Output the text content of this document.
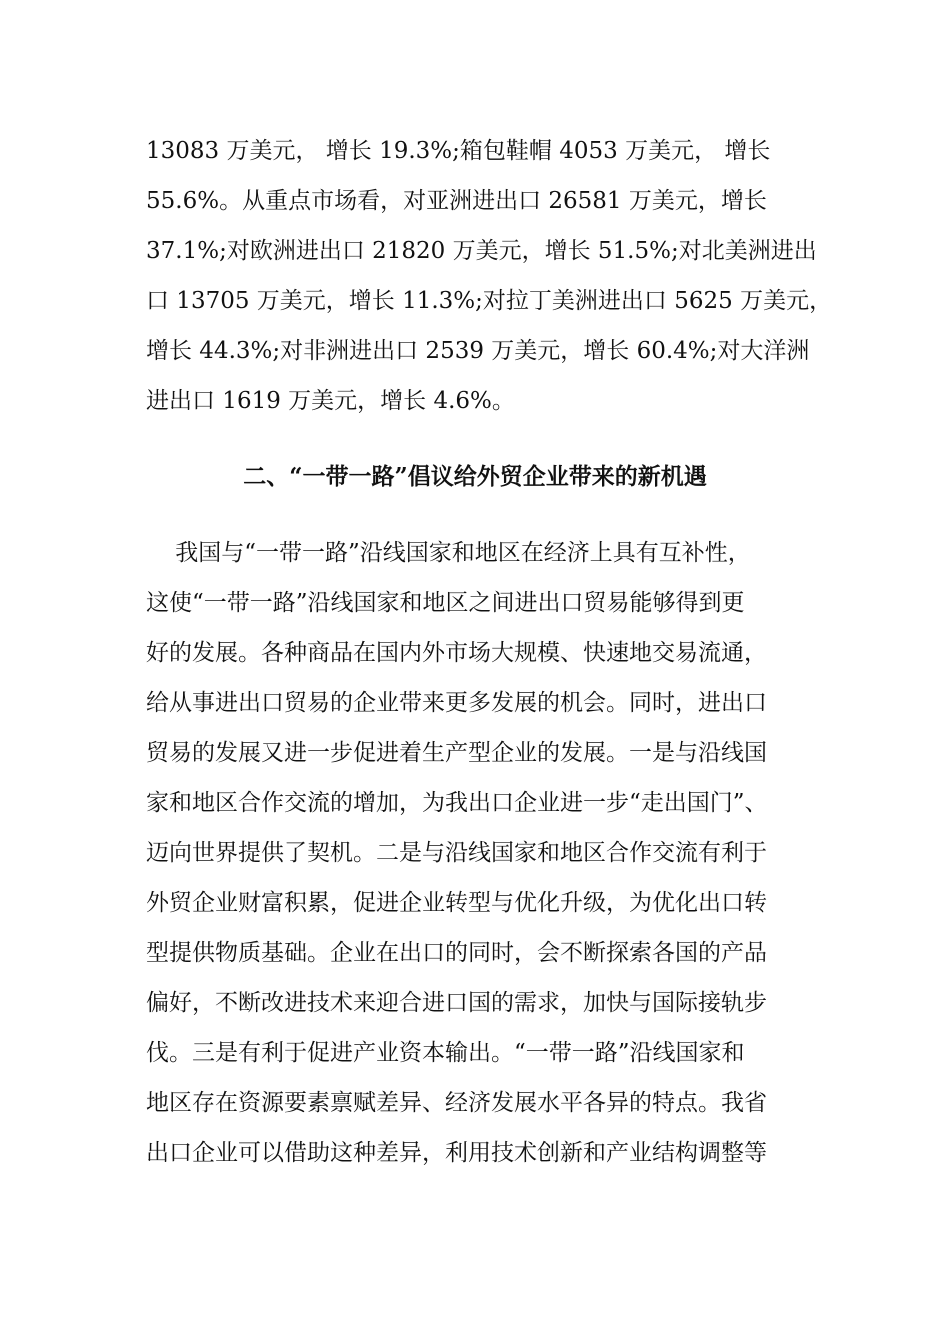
13083 万美元， 增长 19.3%;箱包鞋帽 4053 万美元， 增长
55.6%。从重点市场看，对亚洲进出口 26581 万美元，增长
37.1%;对欧洲进出口 21820 万美元，增长 51.5%;对北美洲进出
口 13705 万美元，增长 11.3%;对拉丁美洲进出口 5625 万美元，
增长 44.3%;对非洲进出口 2539 万美元，增长 60.4%;对大洋洲
进出口 1619 万美元，增长 4.6%。
二、“一带一路”倡议给外贸企业带来的新机遇
我国与“一带一路”沿线国家和地区在经济上具有互补性，
这使“一带一路”沿线国家和地区之间进出口贸易能够得到更
好的发展。各种商品在国内外市场大规模、快速地交易流通，
给从事进出口贸易的企业带来更多发展的机会。同时，进出口
贸易的发展又进一步促进着生产型企业的发展。一是与沿线国
家和地区合作交流的增加，为我出口企业进一步“走出国门”、
迈向世界提供了契机。二是与沿线国家和地区合作交流有利于
外贸企业财富积累，促进企业转型与优化升级，为优化出口转
型提供物质基础。企业在出口的同时，会不断探索各国的产品
偏好，不断改进技术来迎合进口国的需求，加快与国际接轨步
伐。三是有利于促进产业资本输出。“一带一路”沿线国家和
地区存在资源要素禀赋差异、经济发展水平各异的特点。我省
出口企业可以借助这种差异，利用技术创新和产业结构调整等
